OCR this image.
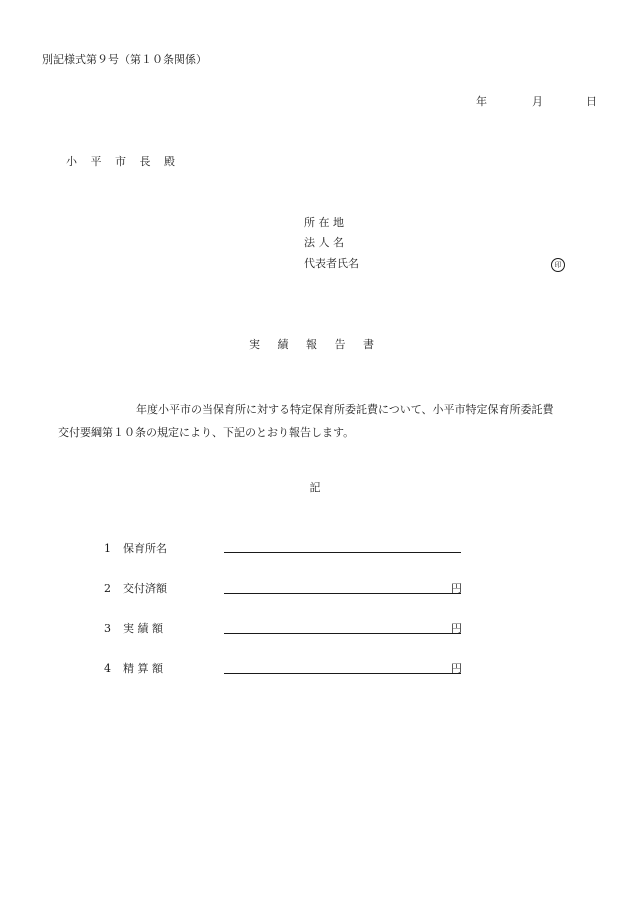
別記様式第９号（第１０条関係）
年	月	日
小 平 市 長 殿
所 在 地
法 人 名
代表者氏名	印
実 績 報 告 書
年度小平市の当保育所に対する特定保育所委託費について、小平市特定保育所委託費
交付要綱第１０条の規定により、下記のとおり報告します。
記
1 保育所名
2 交付済額	円
3 実 績 額	円
4 精 算 額	円
